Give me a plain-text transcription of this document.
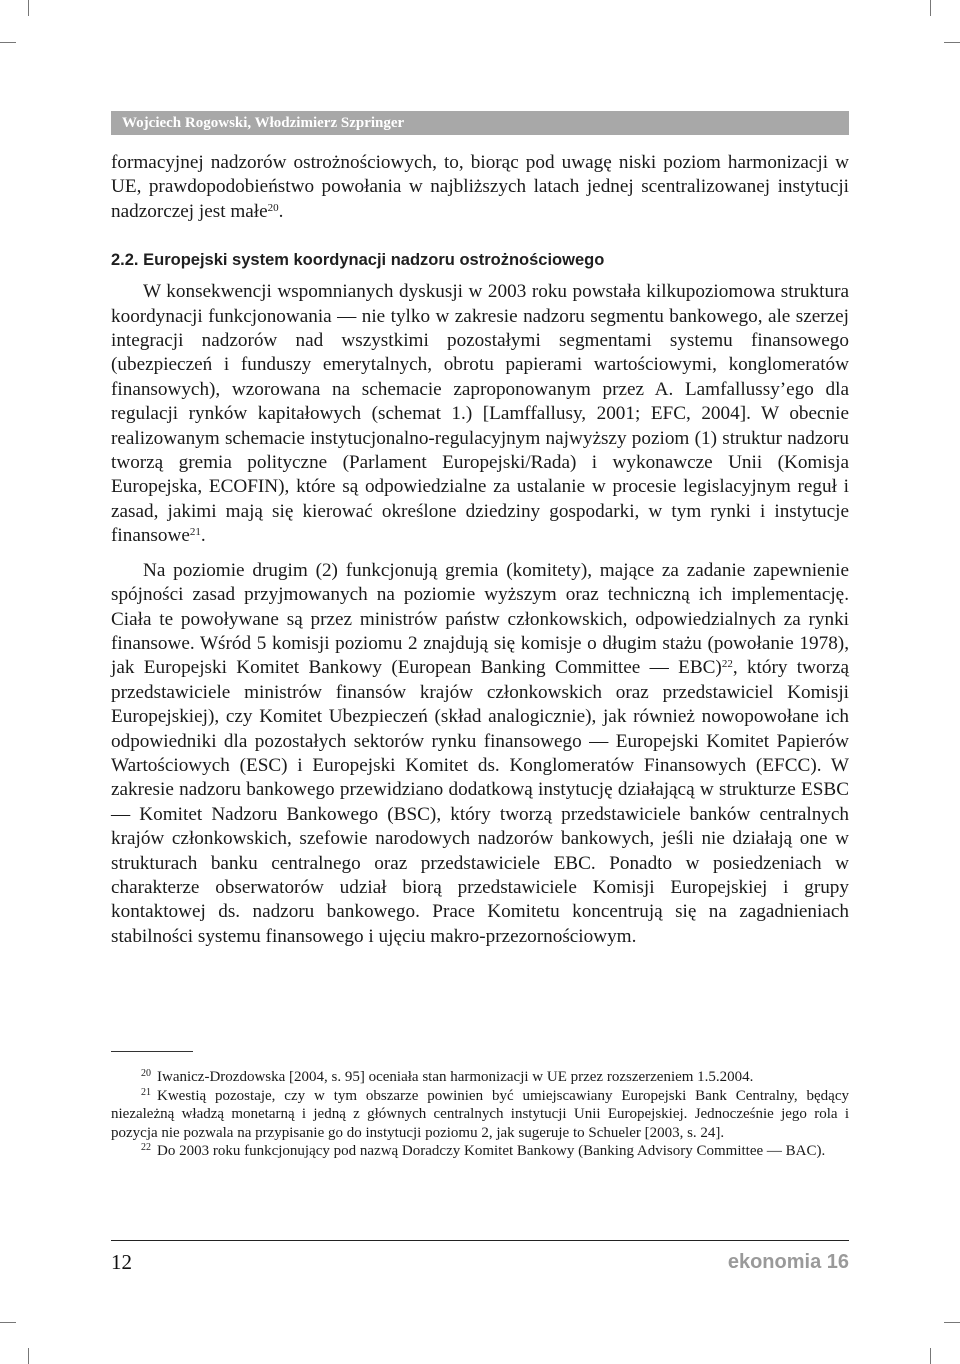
Wojciech Rogowski, Włodzimierz Szpringer

formacyjnej nadzorów ostrożnościowych, to, biorąc pod uwagę niski poziom harmonizacji w UE, prawdopodobieństwo powołania w najbliższych latach jednej scentralizowanej instytucji nadzorczej jest małe$^{20}$.

2.2. Europejski system koordynacji nadzoru ostrożnościowego

W konsekwencji wspomnianych dyskusji w 2003 roku powstała kilkupoziomowa struktura koordynacji funkcjonowania — nie tylko w zakresie nadzoru segmentu bankowego, ale szerzej integracji nadzorów nad wszystkimi pozostałymi segmentami systemu finansowego (ubezpieczeń i funduszy emerytalnych, obrotu papierami wartościowymi, konglomeratów finansowych), wzorowana na schemacie zaproponowanym przez A. Lamfallussy’ego dla regulacji rynków kapitałowych (schemat 1.) [Lamffallusy, 2001; EFC, 2004]. W obecnie realizowanym schemacie instytucjonalno-regulacyjnym najwyższy poziom (1) struktur nadzoru tworzą gremia polityczne (Parlament Europejski/Rada) i wykonawcze Unii (Komisja Europejska, ECOFIN), które są odpowiedzialne za ustalanie w procesie legislacyjnym reguł i zasad, jakimi mają się kierować określone dziedziny gospodarki, w tym rynki i instytucje finansowe$^{21}$.

Na poziomie drugim (2) funkcjonują gremia (komitety), mające za zadanie zapewnienie spójności zasad przyjmowanych na poziomie wyższym oraz techniczną ich implementację. Ciała te powoływane są przez ministrów państw członkowskich, odpowiedzialnych za rynki finansowe. Wśród 5 komisji poziomu 2 znajdują się komisje o długim stażu (powołanie 1978), jak Europejski Komitet Bankowy (European Banking Committee — EBC)$^{22}$, który tworzą przedstawiciele ministrów finansów krajów członkowskich oraz przedstawiciel Komisji Europejskiej), czy Komitet Ubezpieczeń (skład analogicznie), jak również nowopowołane ich odpowiedniki dla pozostałych sektorów rynku finansowego — Europejski Komitet Papierów Wartościowych (ESC) i Europejski Komitet ds. Konglomeratów Finansowych (EFCC). W zakresie nadzoru bankowego przewidziano dodatkową instytucję działającą w strukturze ESBC — Komitet Nadzoru Bankowego (BSC), który tworzą przedstawiciele banków centralnych krajów członkowskich, szefowie narodowych nadzorów bankowych, jeśli nie działają one w strukturach banku centralnego oraz przedstawiciele EBC. Ponadto w posiedzeniach w charakterze obserwatorów udział biorą przedstawiciele Komisji Europejskiej i grupy kontaktowej ds. nadzoru bankowego. Prace Komitetu koncentrują się na zagadnieniach stabilności systemu finansowego i ujęciu makro-przezornościowym.

$^{20}$ Iwanicz-Drozdowska [2004, s. 95] oceniała stan harmonizacji w UE przez rozszerzeniem 1.5.2004.

$^{21}$ Kwestią pozostaje, czy w tym obszarze powinien być umiejscawiany Europejski Bank Centralny, będący niezależną władzą monetarną i jedną z głównych centralnych instytucji Unii Europejskiej. Jednocześnie jego rola i pozycja nie pozwala na przypisanie go do instytucji poziomu 2, jak sugeruje to Schueler [2003, s. 24].

$^{22}$ Do 2003 roku funkcjonujący pod nazwą Doradczy Komitet Bankowy (Banking Advisory Committee — BAC).

12	ekonomia 16
